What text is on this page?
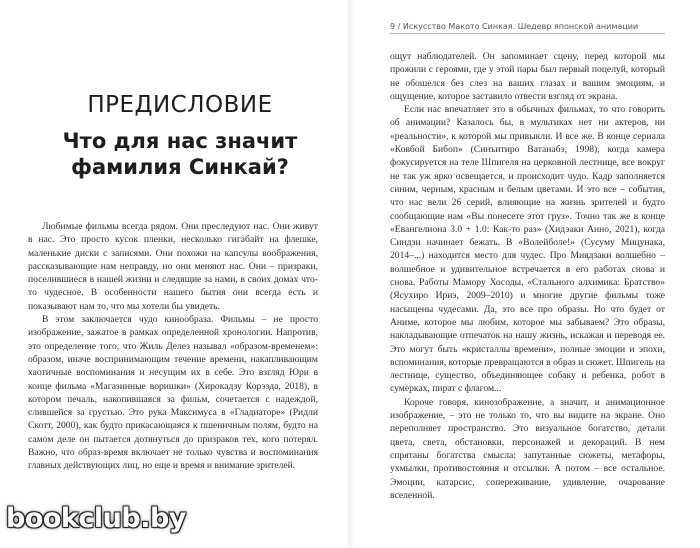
ПРЕДИСЛОВИЕ
Что для нас значит фамилия Синкай?

Любимые фильмы всегда рядом. Они преследуют нас. Они живут в нас. Это просто кусок пленки, несколько гигабайт на флешке, маленькие диски с записями. Они похожи на капсулы воображения, рассказывающие нам неправду, но они меняют нас. Они – призраки, поселившиеся в нашей жизни и следящие за нами, в своих домах что-то чудесное. В особенности нашего бытия они всегда есть и показывают нам то, что мы хотели бы увидеть.

В этом заключается чудо кинообраза. Фильмы – не просто изображение, зажатое в рамках определенной хронологии. Напротив, это определение того, что Жиль Делез называл «образом-временем»: образом, иначе воспринимающим течение времени, накапливающим хаотичные воспоминания и несущим их в себе. Это взгляд Юри в конце фильма «Магазинные воришки» (Хирокадзу Корээда, 2018), в котором печаль, накопившаяся за фильм, сочетается с надеждой, слившейся за грустью. Это рука Максимуса в «Гладиаторе» (Ридли Скотт, 2000), как будто прикасающаяся к пшеничным полям, будто на самом деле он пытается дотянуться до призраков тех, кого потерял. Важно, что образ-время включает не только чувства и воспоминания главных действующих лиц, но еще и время и внимание зрителей.

9 / Искусство Макото Синкая. Шедевр японской анимации

ощут наблюдателей. Он запоминает сцену, перед которой мы прожили с героями, где у этой пары был первый поцелуй, который не обошелся без слез на ваших глазах и вашим эмоциям, и ощущение, которое заставило отвести взгляд от экрана.

Если нас впечатляет это в обычных фильмах, то что говорить об анимации? Казалось бы, в мультиках нет ни актеров, ни «реальности», к которой мы привыкли. И все же. В конце сериала «Ковбой Бибоп» (Синъитиро Ватанабэ, 1998), когда камера фокусируется на теле Шпигеля на церковной лестнице, все вокруг не так уж ярко освещается, и происходит чудо. Кадр заполняется синим, черным, красным и белым цветами. И это все – события, что нас вели 26 серий, влияющие на жизнь зрителей и будто сообщающие нам «Вы понесете этот груз». Точно так же в конце «Евангелиона 3.0 + 1.0: Как-то раз» (Хидэаки Анно, 2021), когда Синдзи начинает бежать. В «Волейболе!» (Сусуму Мицунака, 2014–...) находится место для чудес. Про Миядзаки волшебно – волшебное и удивительное встречается в его работах снова и снова. Работы Мамору Хосоды, «Стального алхимика: Братство» (Ясухиро Ириэ, 2009–2010) и многие другие фильмы тоже насыщены чудесами. Да, это все про образы. Но что будет от Аниме, которое мы любим, которое мы забываем? Это образы, накладывающие отпечаток на нашу жизнь, искажая и переводя ее. Это могут быть «кристаллы времени», полные эмоции и эпохи, вспоминания, которые превращаются в образ и сюжет. Шпигель на лестнице, существо, объединяющее собаку и ребенка, робот в сумерках, пират с флагом...

Короче говоря, кинозображение, а значит, и анимационное изображение, – это не только то, что вы видите на экране. Оно переполняет пространство. Это визуальное богатство, детали цвета, света, обстановки, персонажей и декораций. В нем спрятаны богатства смысла: запутанные сюжеты, метафоры, ухмылки, противостояния и отсылки. А потом – все остальное. Эмоции, катарсис, сопереживание, удивление, очарование вселенной.

bookclub.by
